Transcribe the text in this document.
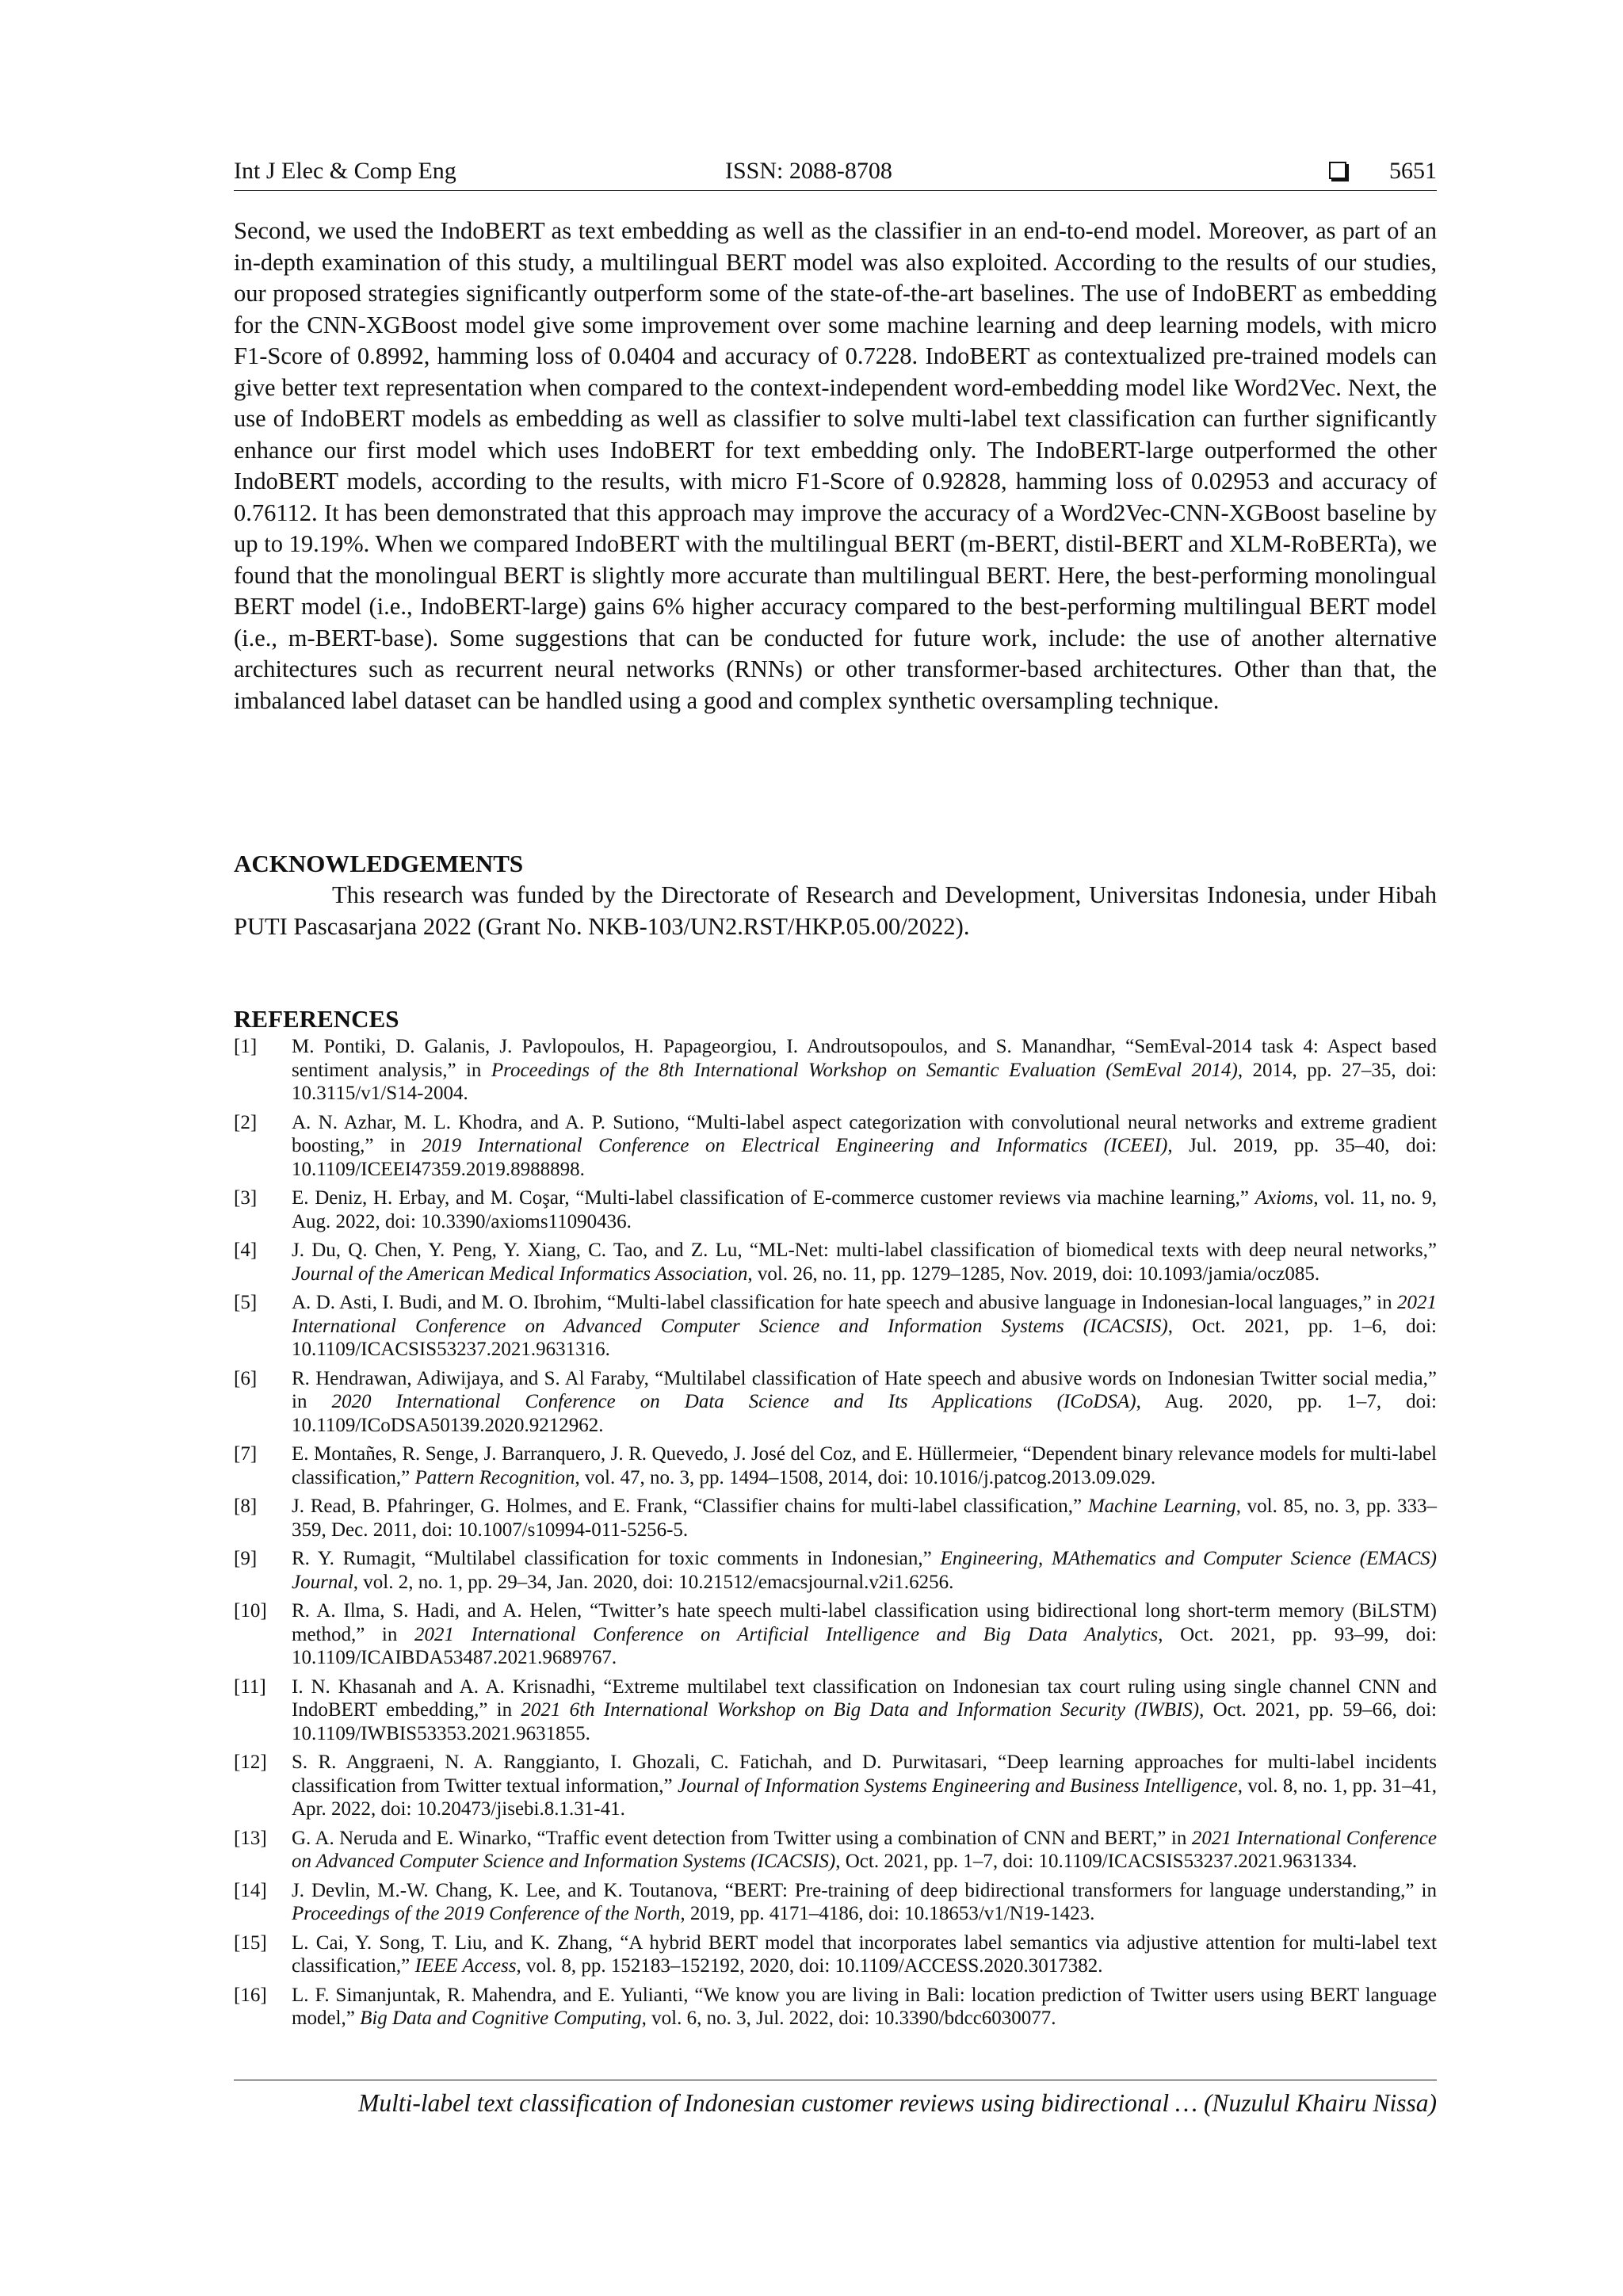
Int J Elec & Comp Eng	ISSN: 2088-8708	5651

Second, we used the IndoBERT as text embedding as well as the classifier in an end-to-end model. Moreover, as part of an in-depth examination of this study, a multilingual BERT model was also exploited. According to the results of our studies, our proposed strategies significantly outperform some of the state-of-the-art baselines. The use of IndoBERT as embedding for the CNN-XGBoost model give some improvement over some machine learning and deep learning models, with micro F1-Score of 0.8992, hamming loss of 0.0404 and accuracy of 0.7228. IndoBERT as contextualized pre-trained models can give better text representation when compared to the context-independent word-embedding model like Word2Vec. Next, the use of IndoBERT models as embedding as well as classifier to solve multi-label text classification can further significantly enhance our first model which uses IndoBERT for text embedding only. The IndoBERT-large outperformed the other IndoBERT models, according to the results, with micro F1-Score of 0.92828, hamming loss of 0.02953 and accuracy of 0.76112. It has been demonstrated that this approach may improve the accuracy of a Word2Vec-CNN-XGBoost baseline by up to 19.19%. When we compared IndoBERT with the multilingual BERT (m-BERT, distil-BERT and XLM-RoBERTa), we found that the monolingual BERT is slightly more accurate than multilingual BERT. Here, the best-performing monolingual BERT model (i.e., IndoBERT-large) gains 6% higher accuracy compared to the best-performing multilingual BERT model (i.e., m-BERT-base). Some suggestions that can be conducted for future work, include: the use of another alternative architectures such as recurrent neural networks (RNNs) or other transformer-based architectures. Other than that, the imbalanced label dataset can be handled using a good and complex synthetic oversampling technique.

ACKNOWLEDGEMENTS

This research was funded by the Directorate of Research and Development, Universitas Indonesia, under Hibah PUTI Pascasarjana 2022 (Grant No. NKB-103/UN2.RST/HKP.05.00/2022).

REFERENCES
[1] M. Pontiki, D. Galanis, J. Pavlopoulos, H. Papageorgiou, I. Androutsopoulos, and S. Manandhar, “SemEval-2014 task 4: Aspect based sentiment analysis,” in Proceedings of the 8th International Workshop on Semantic Evaluation (SemEval 2014), 2014, pp. 27–35, doi: 10.3115/v1/S14-2004.
[2] A. N. Azhar, M. L. Khodra, and A. P. Sutiono, “Multi-label aspect categorization with convolutional neural networks and extreme gradient boosting,” in 2019 International Conference on Electrical Engineering and Informatics (ICEEI), Jul. 2019, pp. 35–40, doi: 10.1109/ICEEI47359.2019.8988898.
[3] E. Deniz, H. Erbay, and M. Coşar, “Multi-label classification of E-commerce customer reviews via machine learning,” Axioms, vol. 11, no. 9, Aug. 2022, doi: 10.3390/axioms11090436.
[4] J. Du, Q. Chen, Y. Peng, Y. Xiang, C. Tao, and Z. Lu, “ML-Net: multi-label classification of biomedical texts with deep neural networks,” Journal of the American Medical Informatics Association, vol. 26, no. 11, pp. 1279–1285, Nov. 2019, doi: 10.1093/jamia/ocz085.
[5] A. D. Asti, I. Budi, and M. O. Ibrohim, “Multi-label classification for hate speech and abusive language in Indonesian-local languages,” in 2021 International Conference on Advanced Computer Science and Information Systems (ICACSIS), Oct. 2021, pp. 1–6, doi: 10.1109/ICACSIS53237.2021.9631316.
[6] R. Hendrawan, Adiwijaya, and S. Al Faraby, “Multilabel classification of Hate speech and abusive words on Indonesian Twitter social media,” in 2020 International Conference on Data Science and Its Applications (ICoDSA), Aug. 2020, pp. 1–7, doi: 10.1109/ICoDSA50139.2020.9212962.
[7] E. Montañes, R. Senge, J. Barranquero, J. R. Quevedo, J. José del Coz, and E. Hüllermeier, “Dependent binary relevance models for multi-label classification,” Pattern Recognition, vol. 47, no. 3, pp. 1494–1508, 2014, doi: 10.1016/j.patcog.2013.09.029.
[8] J. Read, B. Pfahringer, G. Holmes, and E. Frank, “Classifier chains for multi-label classification,” Machine Learning, vol. 85, no. 3, pp. 333–359, Dec. 2011, doi: 10.1007/s10994-011-5256-5.
[9] R. Y. Rumagit, “Multilabel classification for toxic comments in Indonesian,” Engineering, MAthematics and Computer Science (EMACS) Journal, vol. 2, no. 1, pp. 29–34, Jan. 2020, doi: 10.21512/emacsjournal.v2i1.6256.
[10] R. A. Ilma, S. Hadi, and A. Helen, “Twitter’s hate speech multi-label classification using bidirectional long short-term memory (BiLSTM) method,” in 2021 International Conference on Artificial Intelligence and Big Data Analytics, Oct. 2021, pp. 93–99, doi: 10.1109/ICAIBDA53487.2021.9689767.
[11] I. N. Khasanah and A. A. Krisnadhi, “Extreme multilabel text classification on Indonesian tax court ruling using single channel CNN and IndoBERT embedding,” in 2021 6th International Workshop on Big Data and Information Security (IWBIS), Oct. 2021, pp. 59–66, doi: 10.1109/IWBIS53353.2021.9631855.
[12] S. R. Anggraeni, N. A. Ranggianto, I. Ghozali, C. Fatichah, and D. Purwitasari, “Deep learning approaches for multi-label incidents classification from Twitter textual information,” Journal of Information Systems Engineering and Business Intelligence, vol. 8, no. 1, pp. 31–41, Apr. 2022, doi: 10.20473/jisebi.8.1.31-41.
[13] G. A. Neruda and E. Winarko, “Traffic event detection from Twitter using a combination of CNN and BERT,” in 2021 International Conference on Advanced Computer Science and Information Systems (ICACSIS), Oct. 2021, pp. 1–7, doi: 10.1109/ICACSIS53237.2021.9631334.
[14] J. Devlin, M.-W. Chang, K. Lee, and K. Toutanova, “BERT: Pre-training of deep bidirectional transformers for language understanding,” in Proceedings of the 2019 Conference of the North, 2019, pp. 4171–4186, doi: 10.18653/v1/N19-1423.
[15] L. Cai, Y. Song, T. Liu, and K. Zhang, “A hybrid BERT model that incorporates label semantics via adjustive attention for multi-label text classification,” IEEE Access, vol. 8, pp. 152183–152192, 2020, doi: 10.1109/ACCESS.2020.3017382.
[16] L. F. Simanjuntak, R. Mahendra, and E. Yulianti, “We know you are living in Bali: location prediction of Twitter users using BERT language model,” Big Data and Cognitive Computing, vol. 6, no. 3, Jul. 2022, doi: 10.3390/bdcc6030077.
Multi-label text classification of Indonesian customer reviews using bidirectional … (Nuzulul Khairu Nissa)
